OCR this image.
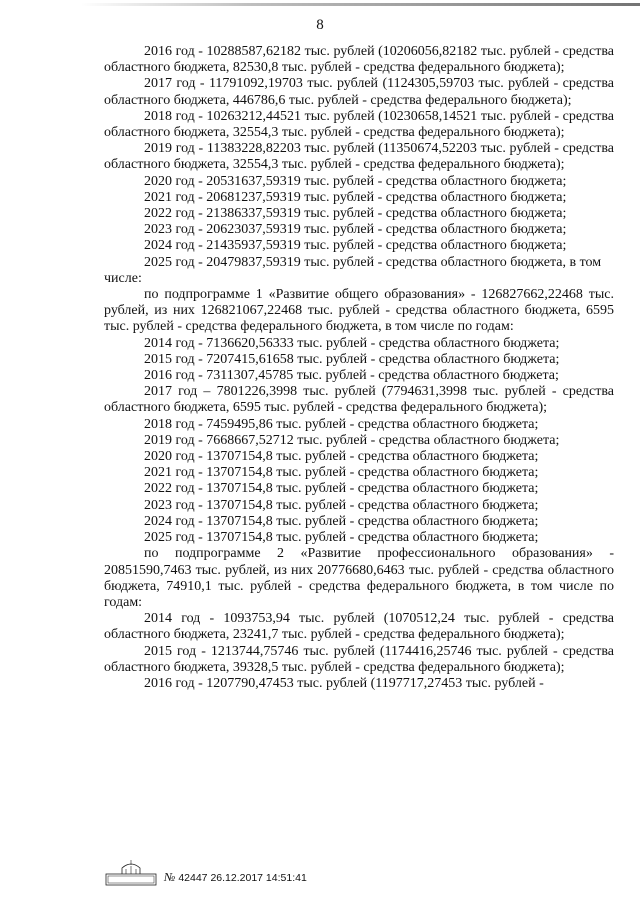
8

2016 год - 10288587,62182 тыс. рублей (10206056,82182 тыс. рублей - средства областного бюджета, 82530,8 тыс. рублей - средства федерального бюджета);

2017 год - 11791092,19703 тыс. рублей (1124305,59703 тыс. рублей - средства областного бюджета, 446786,6 тыс. рублей - средства федерального бюджета);

2018 год - 10263212,44521 тыс. рублей (10230658,14521 тыс. рублей - средства областного бюджета, 32554,3 тыс. рублей - средства федерального бюджета);

2019 год - 11383228,82203 тыс. рублей (11350674,52203 тыс. рублей - средства областного бюджета, 32554,3 тыс. рублей - средства федерального бюджета);

2020 год - 20531637,59319 тыс. рублей - средства областного бюджета;

2021 год - 20681237,59319 тыс. рублей - средства областного бюджета;

2022 год - 21386337,59319 тыс. рублей - средства областного бюджета;

2023 год - 20623037,59319 тыс. рублей - средства областного бюджета;

2024 год - 21435937,59319 тыс. рублей - средства областного бюджета;

2025 год - 20479837,59319 тыс. рублей - средства областного бюджета, в том числе:

по подпрограмме 1 «Развитие общего образования» - 126827662,22468 тыс. рублей, из них 126821067,22468 тыс. рублей - средства областного бюджета, 6595 тыс. рублей - средства федерального бюджета, в том числе по годам:

2014 год - 7136620,56333 тыс. рублей - средства областного бюджета;

2015 год - 7207415,61658 тыс. рублей - средства областного бюджета;

2016 год - 7311307,45785 тыс. рублей - средства областного бюджета;

2017 год – 7801226,3998 тыс. рублей (7794631,3998 тыс. рублей - средства областного бюджета, 6595 тыс. рублей - средства федерального бюджета);

2018 год - 7459495,86 тыс. рублей - средства областного бюджета;

2019 год - 7668667,52712 тыс. рублей - средства областного бюджета;

2020 год - 13707154,8 тыс. рублей - средства областного бюджета;

2021 год - 13707154,8 тыс. рублей - средства областного бюджета;

2022 год - 13707154,8 тыс. рублей - средства областного бюджета;

2023 год - 13707154,8 тыс. рублей - средства областного бюджета;

2024 год - 13707154,8 тыс. рублей - средства областного бюджета;

2025 год - 13707154,8 тыс. рублей - средства областного бюджета;

по подпрограмме 2 «Развитие профессионального образования» - 20851590,7463 тыс. рублей, из них 20776680,6463 тыс. рублей - средства областного бюджета, 74910,1 тыс. рублей - средства федерального бюджета, в том числе по годам:

2014 год - 1093753,94 тыс. рублей (1070512,24 тыс. рублей - средства областного бюджета, 23241,7 тыс. рублей - средства федерального бюджета);

2015 год - 1213744,75746 тыс. рублей (1174416,25746 тыс. рублей - средства областного бюджета, 39328,5 тыс. рублей - средства федерального бюджета);

2016 год - 1207790,47453 тыс. рублей (1197717,27453 тыс. рублей -

№ 42447 26.12.2017 14:51:41
